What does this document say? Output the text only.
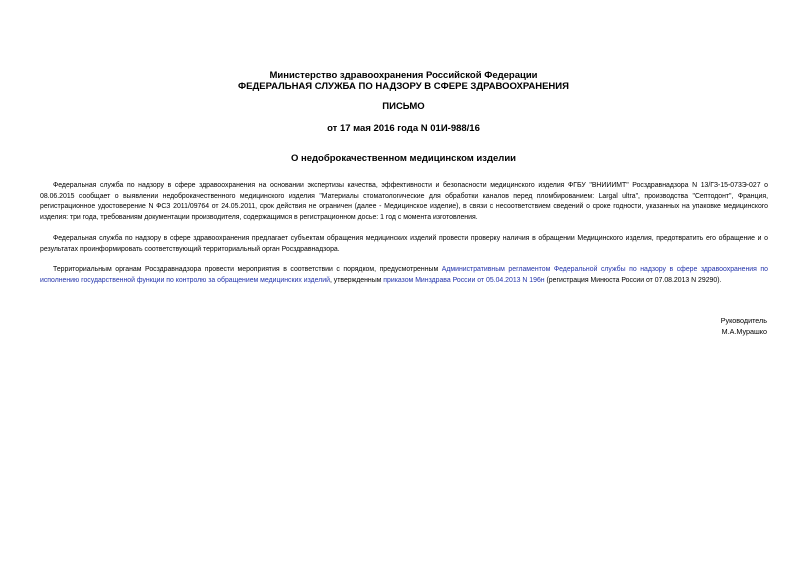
Министерство здравоохранения Российской Федерации
ФЕДЕРАЛЬНАЯ СЛУЖБА ПО НАДЗОРУ В СФЕРЕ ЗДРАВООХРАНЕНИЯ
ПИСЬМО
от 17 мая 2016 года N 01И-988/16
О недоброкачественном медицинском изделии

Федеральная служба по надзору в сфере здравоохранения на основании экспертизы качества, эффективности и безопасности медицинского изделия ФГБУ "ВНИИИМТ" Росздравнадзора N 13/ГЗ-15-073Э-027 о 08.06.2015 сообщает о выявлении недоброкачественного медицинского изделия "Материалы стоматологические для обработки каналов перед пломбированием: Largal ultra", производства "Септодонт", Франция, регистрационное удостоверение N ФСЗ 2011/09764 от 24.05.2011, срок действия не ограничен (далее - Медицинское изделие), в связи с несоответствием сведений о сроке годности, указанных на упаковке медицинского изделия: три года, требованиям документации производителя, содержащимся в регистрационном досье: 1 год с момента изготовления.

Федеральная служба по надзору в сфере здравоохранения предлагает субъектам обращения медицинских изделий провести проверку наличия в обращении Медицинского изделия, предотвратить его обращение и о результатах проинформировать соответствующий территориальный орган Росздравнадзора.

Территориальным органам Росздравнадзора провести мероприятия в соответствии с порядком, предусмотренным Административным регламентом Федеральной службы по надзору в сфере здравоохранения по исполнению государственной функции по контролю за обращением медицинских изделий, утвержденным приказом Минздрава России от 05.04.2013 N 196н (регистрация Минюста России от 07.08.2013 N 29290).

Руководитель
М.А.Мурашко
